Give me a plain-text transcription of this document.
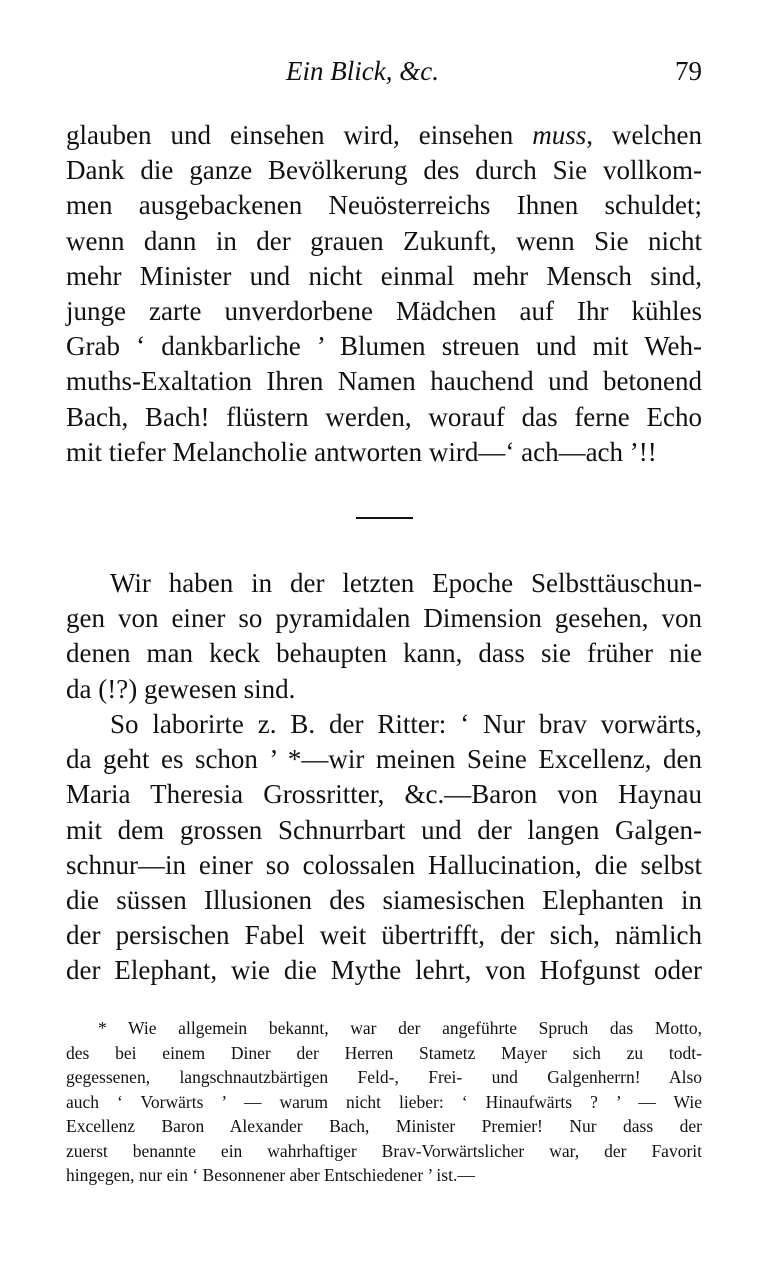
Ein Blick, &c.	79
glauben und einsehen wird, einsehen muss, welchen
Dank die ganze Bevölkerung des durch Sie vollkom-
men ausgebackenen Neuösterreichs Ihnen schuldet;
wenn dann in der grauen Zukunft, wenn Sie nicht
mehr Minister und nicht einmal mehr Mensch sind,
junge zarte unverdorbene Mädchen auf Ihr kühles
Grab ‘ dankbarliche ’ Blumen streuen und mit Weh-
muths-Exaltation Ihren Namen hauchend und betonend
Bach, Bach! flüstern werden, worauf das ferne Echo
mit tiefer Melancholie antworten wird—‘ ach—ach ’!!
Wir haben in der letzten Epoche Selbsttäuschun-
gen von einer so pyramidalen Dimension gesehen, von
denen man keck behaupten kann, dass sie früher nie
da (!?) gewesen sind.
So laborirte z. B. der Ritter: ‘ Nur brav vorwärts,
da geht es schon ’ *—wir meinen Seine Excellenz, den
Maria Theresia Grossritter, &c.—Baron von Haynau
mit dem grossen Schnurrbart und der langen Galgen-
schnur—in einer so colossalen Hallucination, die selbst
die süssen Illusionen des siamesischen Elephanten in
der persischen Fabel weit übertrifft, der sich, nämlich
der Elephant, wie die Mythe lehrt, von Hofgunst oder
* Wie allgemein bekannt, war der angeführte Spruch das Motto,
des bei einem Diner der Herren Stametz Mayer sich zu todt-
gegessenen, langschnautzbärtigen Feld-, Frei- und Galgenherrn! Also
auch ‘ Vorwärts ’ — warum nicht lieber: ‘ Hinaufwärts ? ’ — Wie
Excellenz Baron Alexander Bach, Minister Premier! Nur dass der
zuerst benannte ein wahrhaftiger Brav-Vorwärtslicher war, der Favorit
hingegen, nur ein ‘ Besonnener aber Entschiedener ’ ist.—
